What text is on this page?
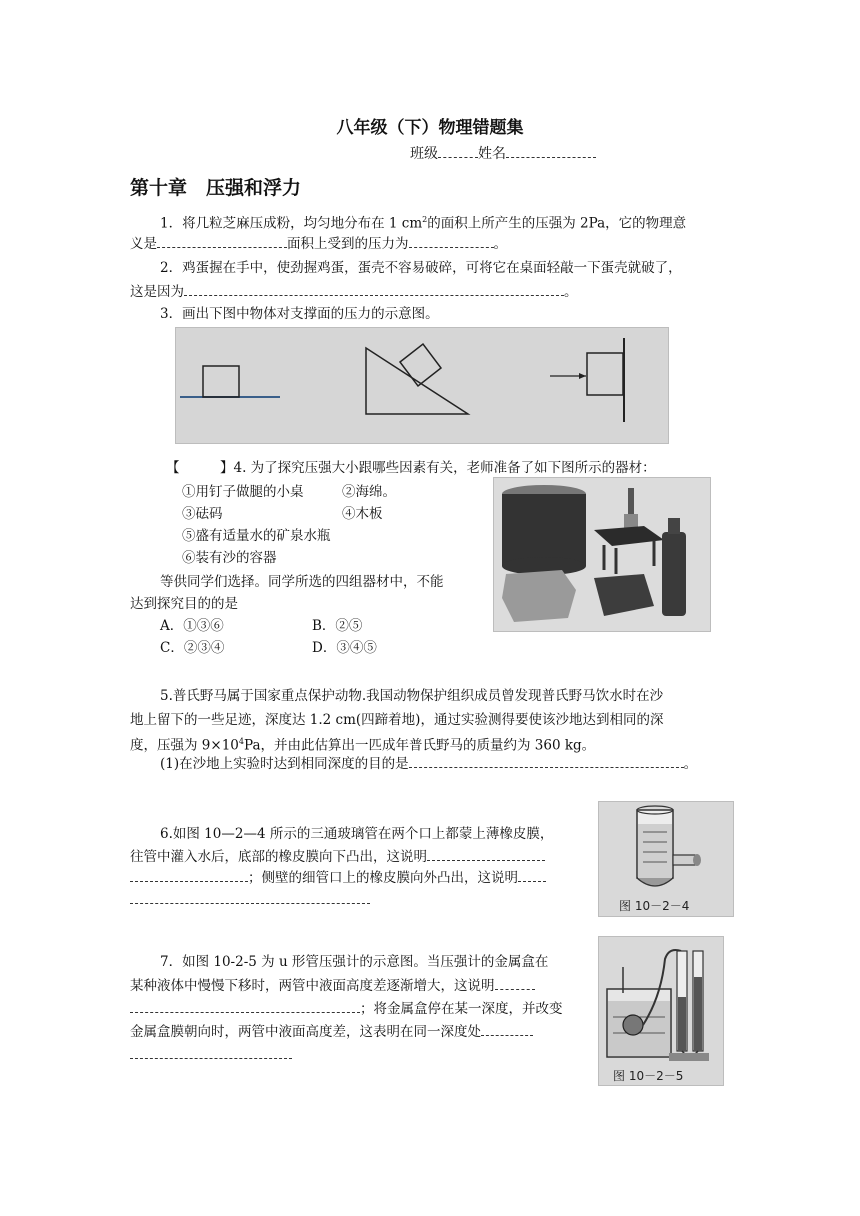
八年级（下）物理错题集
班级	姓名
第十章　压强和浮力
1．将几粒芝麻压成粉，均匀地分布在 1 $cm^2$的面积上所产生的压强为 2Pa，它的物理意
义是	面积上受到的压力为	。
2．鸡蛋握在手中，使劲握鸡蛋，蛋壳不容易破碎，可将它在桌面轻敲一下蛋壳就破了，
这是因为	。
3．画出下图中物体对支撑面的压力的示意图。
【　　　】4. 为了探究压强大小跟哪些因素有关，老师准备了如下图所示的器材：
①用钉子做腿的小桌	②海绵。
③砝码	④木板
⑤盛有适量水的矿泉水瓶
⑥装有沙的容器
等供同学们选择。同学所选的四组器材中，不能
达到探究目的的是
A．①③⑥	B．②⑤
C．②③④	D．③④⑤
5.普氏野马属于国家重点保护动物.我国动物保护组织成员曾发现普氏野马饮水时在沙
地上留下的一些足迹，深度达 1.2 cm(四蹄着地)，通过实验测得要使该沙地达到相同的深
度，压强为 $9\times 10^4Pa$，并由此估算出一匹成年普氏野马的质量约为 360 kg。
(1)在沙地上实验时达到相同深度的目的是	。
6.如图 10—2—4 所示的三通玻璃管在两个口上都蒙上薄橡皮膜，
往管中灌入水后，底部的橡皮膜向下凸出，这说明
；侧壁的细管口上的橡皮膜向外凸出，这说明
图 10－2－4
7．如图 10-2-5 为 u 形管压强计的示意图。当压强计的金属盒在
某种液体中慢慢下移时，两管中液面高度差逐渐增大，这说明
；将金属盒停在某一深度，并改变
金属盒膜朝向时，两管中液面高度差，这表明在同一深度处
图 10－2－5
